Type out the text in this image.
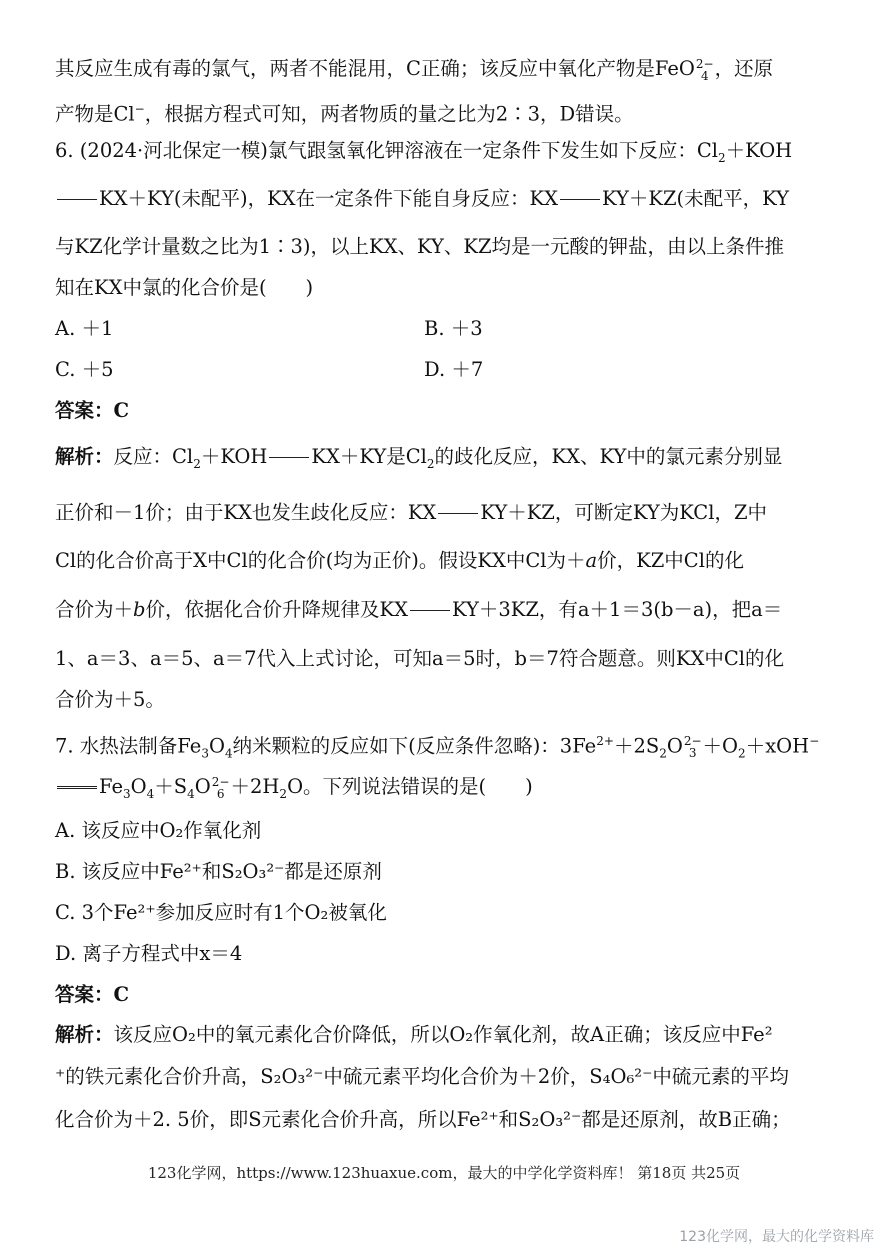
其反应生成有毒的氯气，两者不能混用，C正确；该反应中氧化产物是FeO 2−
4 ，还原
产物是Cl−，根据方程式可知，两者物质的量之比为2∶3，D错误。
6. (2024·河北保定一模)氯气跟氢氧化钾溶液在一定条件下发生如下反应：$Cl_2+KOH$
KX＋KY(未配平)，KX在一定条件下能自身反应：KX KY＋KZ(未配平，KY
与KZ化学计量数之比为1∶3)，以上KX、KY、KZ均是一元酸的钾盐，由以上条件推
知在KX中氯的化合价是(　　)
A. ＋1	B. ＋3
C. ＋5	D. ＋7
答案：C
解析：反应：$Cl_2+KOH$ KX＋KY是$Cl_2$的歧化反应，KX、KY中的氯元素分别显
正价和－1价；由于KX也发生歧化反应：KX KY＋KZ，可断定KY为KCl，Z中
Cl的化合价高于X中Cl的化合价(均为正价)。假设KX中Cl为＋a价，KZ中Cl的化
合价为＋b价，依据化合价升降规律及KX KY＋3KZ，有a＋1＝3(b－a)，把a＝
1、a＝3、a＝5、a＝7代入上式讨论，可知a＝5时，b＝7符合题意。则KX中Cl的化
合价为＋5。
7. 水热法制备$Fe_3O_4$纳米颗粒的反应如下(反应条件忽略)：$3Fe^{2+}+2S_2O$ 2−
$3 +O_2+xOH^-$
$Fe_3O_4+S_4O$ 2−
$6 +2H_2O$。下列说法错误的是(　　)
A. 该反应中O₂作氧化剂
B. 该反应中Fe²⁺和S₂O₃²⁻都是还原剂
C. 3个Fe²⁺参加反应时有1个O₂被氧化
D. 离子方程式中x＝4
答案：C
解析：该反应O₂中的氧元素化合价降低，所以O₂作氧化剂，故A正确；该反应中Fe²
⁺的铁元素化合价升高，S₂O₃²⁻中硫元素平均化合价为＋2价，S₄O₆²⁻中硫元素的平均
化合价为＋2. 5价，即S元素化合价升高，所以Fe²⁺和S₂O₃²⁻都是还原剂，故B正确；
123化学网，https://www.123huaxue.com，最大的中学化学资料库！ 第18页 共25页
123化学网，最大的化学资料库
